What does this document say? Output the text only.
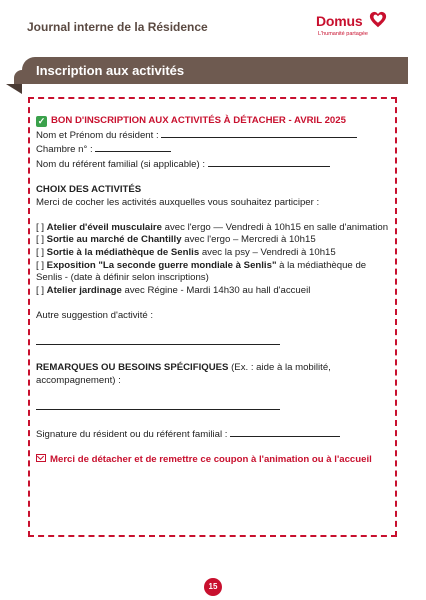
Journal interne de la Résidence	Domus
L'humanité partagée
Inscription aux activités
✓ BON D'INSCRIPTION AUX ACTIVITÉS À DÉTACHER - AVRIL 2025
Nom et Prénom du résident :
Chambre n° :
Nom du référent familial (si applicable) :
CHOIX DES ACTIVITÉS
Merci de cocher les activités auxquelles vous souhaitez participer :
[ ] Atelier d'éveil musculaire avec l'ergo — Vendredi à 10h15 en salle d'animation
[ ] Sortie au marché de Chantilly avec l'ergo – Mercredi à 10h15
[ ] Sortie à la médiathèque de Senlis avec la psy – Vendredi à 10h15
[ ] Exposition "La seconde guerre mondiale à Senlis" à la médiathèque de Senlis - (date à définir selon inscriptions)
[ ] Atelier jardinage avec Régine - Mardi 14h30 au hall d'accueil
Autre suggestion d'activité :
REMARQUES OU BESOINS SPÉCIFIQUES (Ex. : aide à la mobilité, accompagnement) :
Signature du résident ou du référent familial :
Merci de détacher et de remettre ce coupon à l'animation ou à l'accueil
15
